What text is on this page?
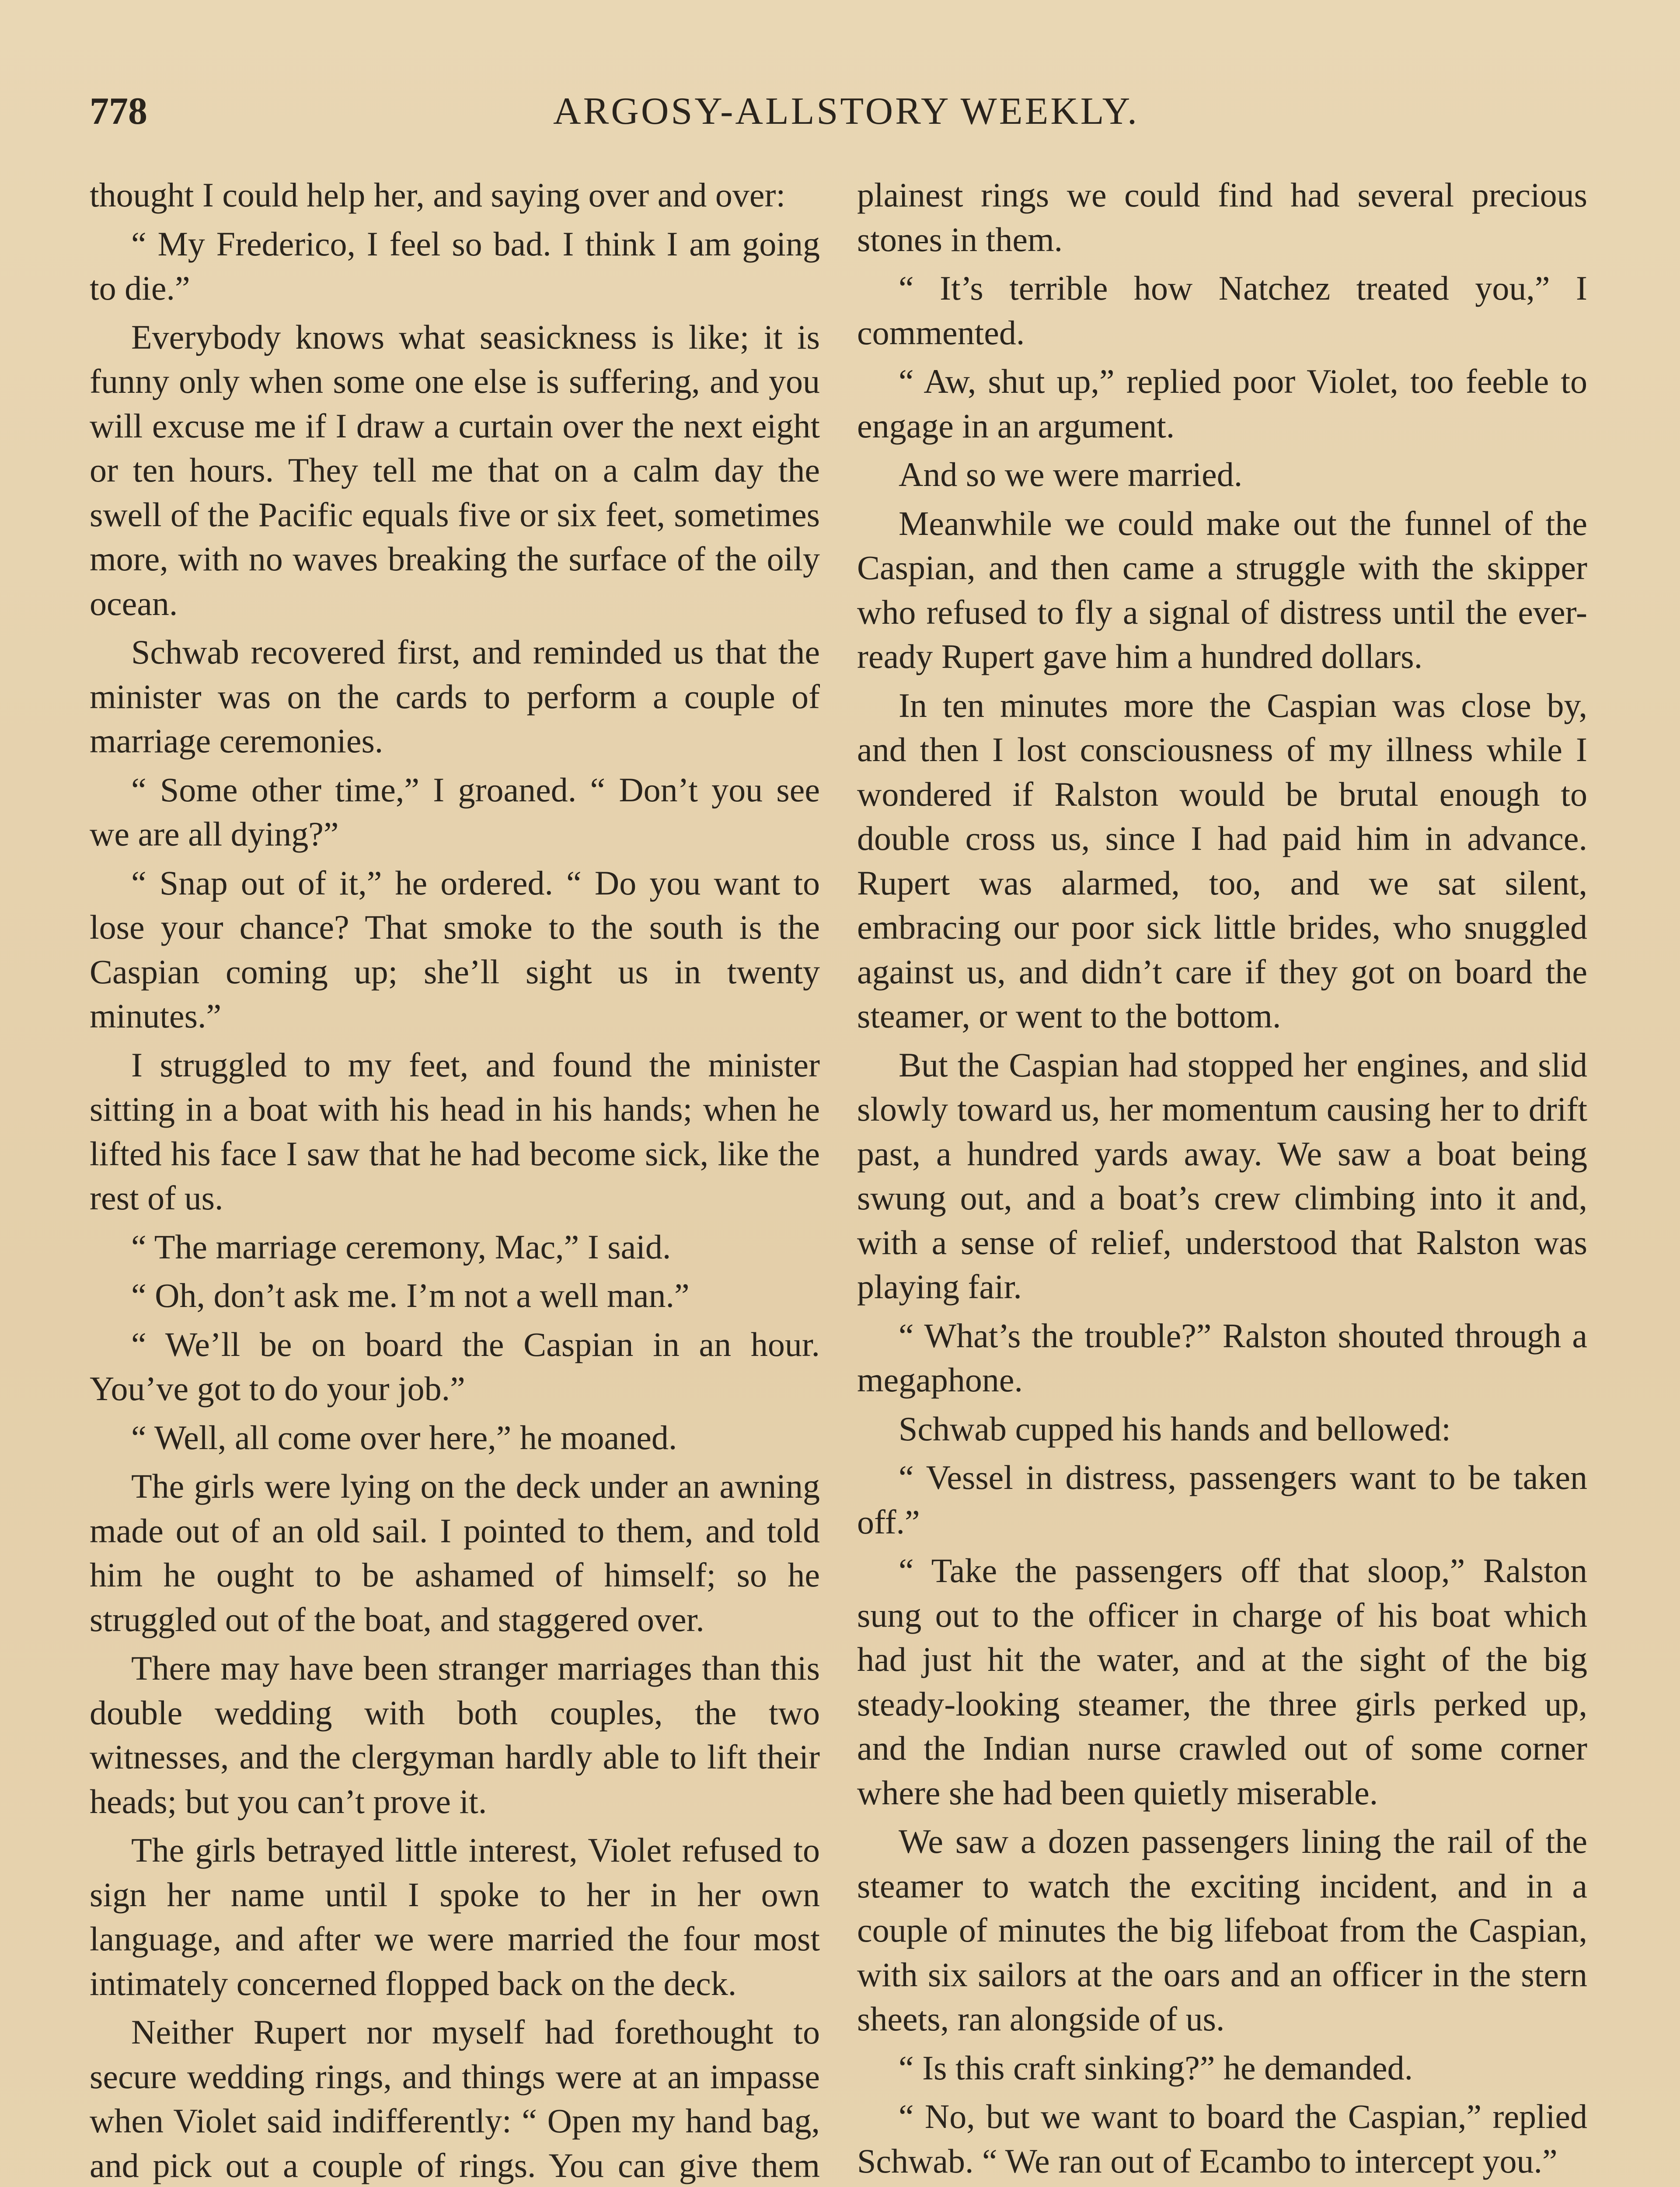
778	ARGOSY-ALLSTORY WEEKLY.

thought I could help her, and saying over and over:

“ My Frederico, I feel so bad. I think I am going to die.”

Everybody knows what seasickness is like; it is funny only when some one else is suffering, and you will excuse me if I draw a curtain over the next eight or ten hours. They tell me that on a calm day the swell of the Pacific equals five or six feet, sometimes more, with no waves breaking the surface of the oily ocean.

Schwab recovered first, and reminded us that the minister was on the cards to perform a couple of marriage ceremonies.

“ Some other time,” I groaned. “ Don’t you see we are all dying?”

“ Snap out of it,” he ordered. “ Do you want to lose your chance? That smoke to the south is the Caspian coming up; she’ll sight us in twenty minutes.”

I struggled to my feet, and found the minister sitting in a boat with his head in his hands; when he lifted his face I saw that he had become sick, like the rest of us.

“ The marriage ceremony, Mac,” I said.

“ Oh, don’t ask me. I’m not a well man.”

“ We’ll be on board the Caspian in an hour. You’ve got to do your job.”

“ Well, all come over here,” he moaned.

The girls were lying on the deck under an awning made out of an old sail. I pointed to them, and told him he ought to be ashamed of himself; so he struggled out of the boat, and staggered over.

There may have been stranger marriages than this double wedding with both couples, the two witnesses, and the clergyman hardly able to lift their heads; but you can’t prove it.

The girls betrayed little interest, Violet refused to sign her name until I spoke to her in her own language, and after we were married the four most intimately concerned flopped back on the deck.

Neither Rupert nor myself had forethought to secure wedding rings, and things were at an impasse when Violet said indifferently: “ Open my hand bag, and pick out a couple of rings. You can give them

plainest rings we could find had several precious stones in them.

“ It’s terrible how Natchez treated you,” I commented.

“ Aw, shut up,” replied poor Violet, too feeble to engage in an argument.

And so we were married.

Meanwhile we could make out the funnel of the Caspian, and then came a struggle with the skipper who refused to fly a signal of distress until the ever-ready Rupert gave him a hundred dollars.

In ten minutes more the Caspian was close by, and then I lost consciousness of my illness while I wondered if Ralston would be brutal enough to double cross us, since I had paid him in advance. Rupert was alarmed, too, and we sat silent, embracing our poor sick little brides, who snuggled against us, and didn’t care if they got on board the steamer, or went to the bottom.

But the Caspian had stopped her engines, and slid slowly toward us, her momentum causing her to drift past, a hundred yards away. We saw a boat being swung out, and a boat’s crew climbing into it and, with a sense of relief, understood that Ralston was playing fair.

“ What’s the trouble?” Ralston shouted through a megaphone.

Schwab cupped his hands and bellowed:

“ Vessel in distress, passengers want to be taken off.”

“ Take the passengers off that sloop,” Ralston sung out to the officer in charge of his boat which had just hit the water, and at the sight of the big steady-looking steamer, the three girls perked up, and the Indian nurse crawled out of some corner where she had been quietly miserable.

We saw a dozen passengers lining the rail of the steamer to watch the exciting incident, and in a couple of minutes the big lifeboat from the Caspian, with six sailors at the oars and an officer in the stern sheets, ran alongside of us.

“ Is this craft sinking?” he demanded.

“ No, but we want to board the Caspian,” replied Schwab. “ We ran out of Ecambo to intercept you.”
